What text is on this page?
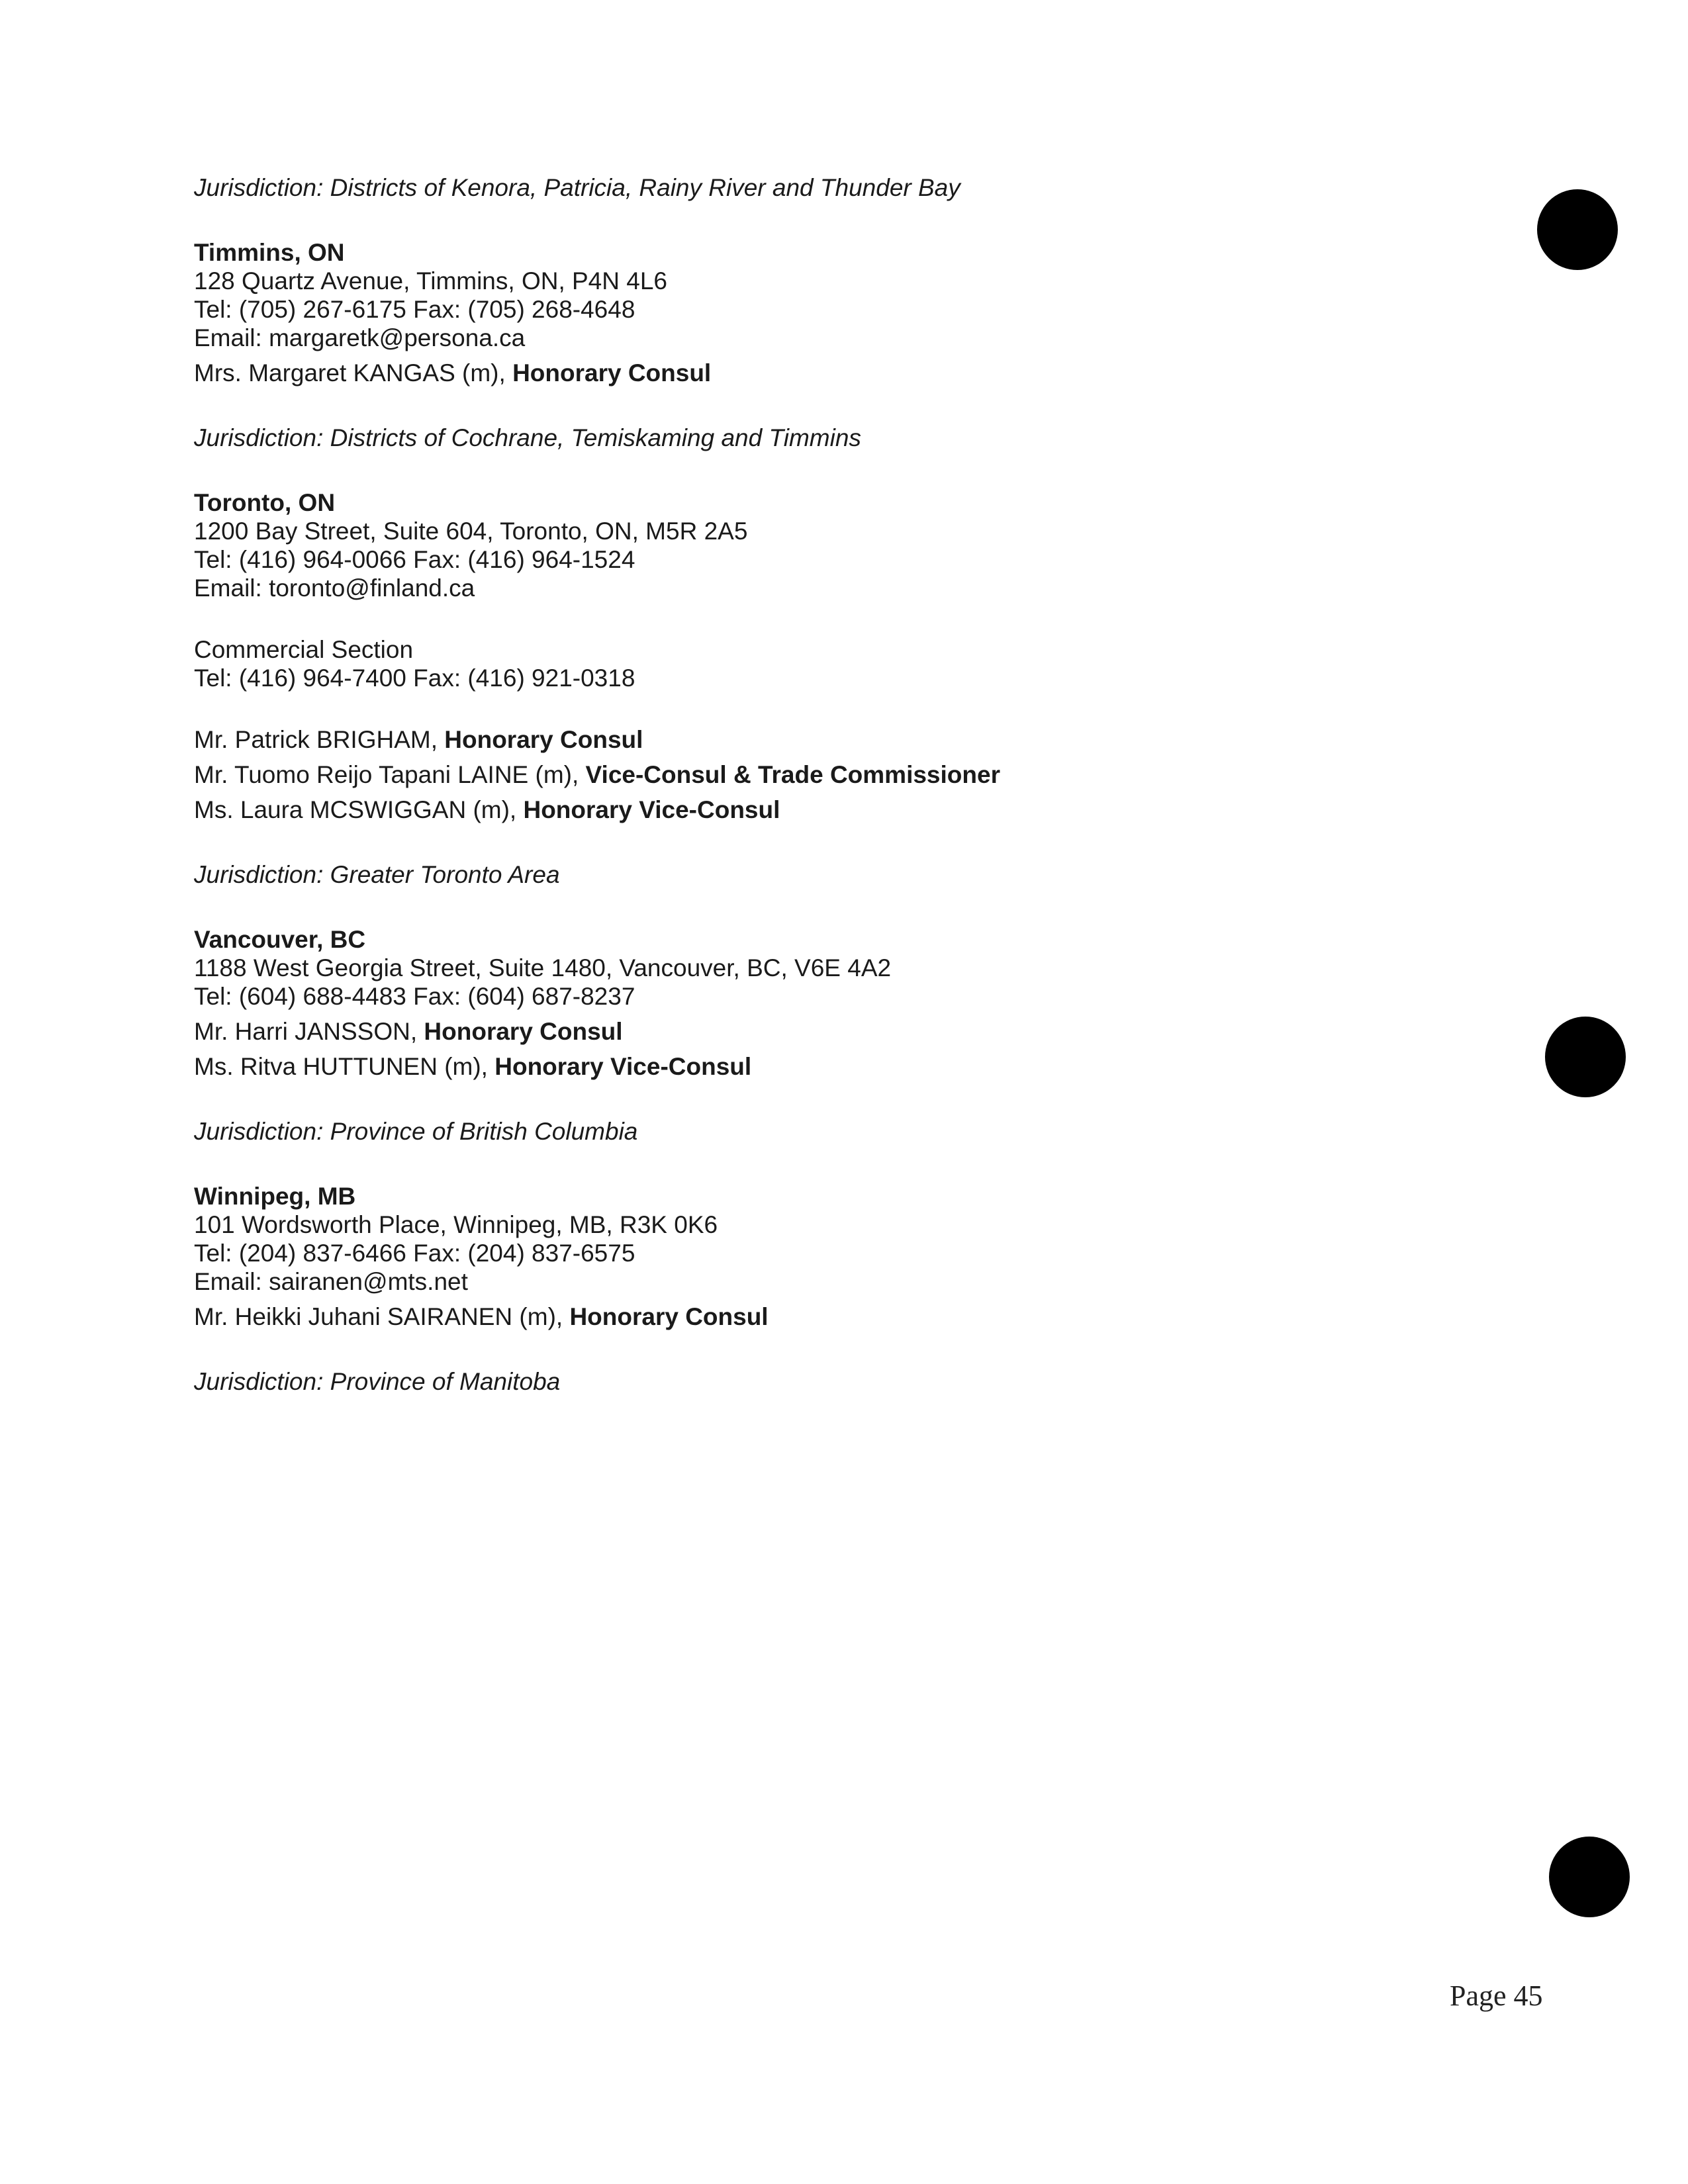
Jurisdiction: Districts of Kenora, Patricia, Rainy River and Thunder Bay
Timmins, ON
128 Quartz Avenue, Timmins, ON, P4N 4L6
Tel: (705) 267-6175 Fax: (705) 268-4648
Email: margaretk@persona.ca
Mrs. Margaret KANGAS (m), Honorary Consul
Jurisdiction: Districts of Cochrane, Temiskaming and Timmins
Toronto, ON
1200 Bay Street, Suite 604, Toronto, ON, M5R 2A5
Tel: (416) 964-0066 Fax: (416) 964-1524
Email: toronto@finland.ca
Commercial Section
Tel: (416) 964-7400 Fax: (416) 921-0318
Mr. Patrick BRIGHAM, Honorary Consul
Mr. Tuomo Reijo Tapani LAINE (m), Vice-Consul & Trade Commissioner
Ms. Laura MCSWIGGAN (m), Honorary Vice-Consul
Jurisdiction: Greater Toronto Area
Vancouver, BC
1188 West Georgia Street, Suite 1480, Vancouver, BC, V6E 4A2
Tel: (604) 688-4483 Fax: (604) 687-8237
Mr. Harri JANSSON, Honorary Consul
Ms. Ritva HUTTUNEN (m), Honorary Vice-Consul
Jurisdiction: Province of British Columbia
Winnipeg, MB
101 Wordsworth Place, Winnipeg, MB, R3K 0K6
Tel: (204) 837-6466 Fax: (204) 837-6575
Email: sairanen@mts.net
Mr. Heikki Juhani SAIRANEN (m), Honorary Consul
Jurisdiction: Province of Manitoba
Page 45
